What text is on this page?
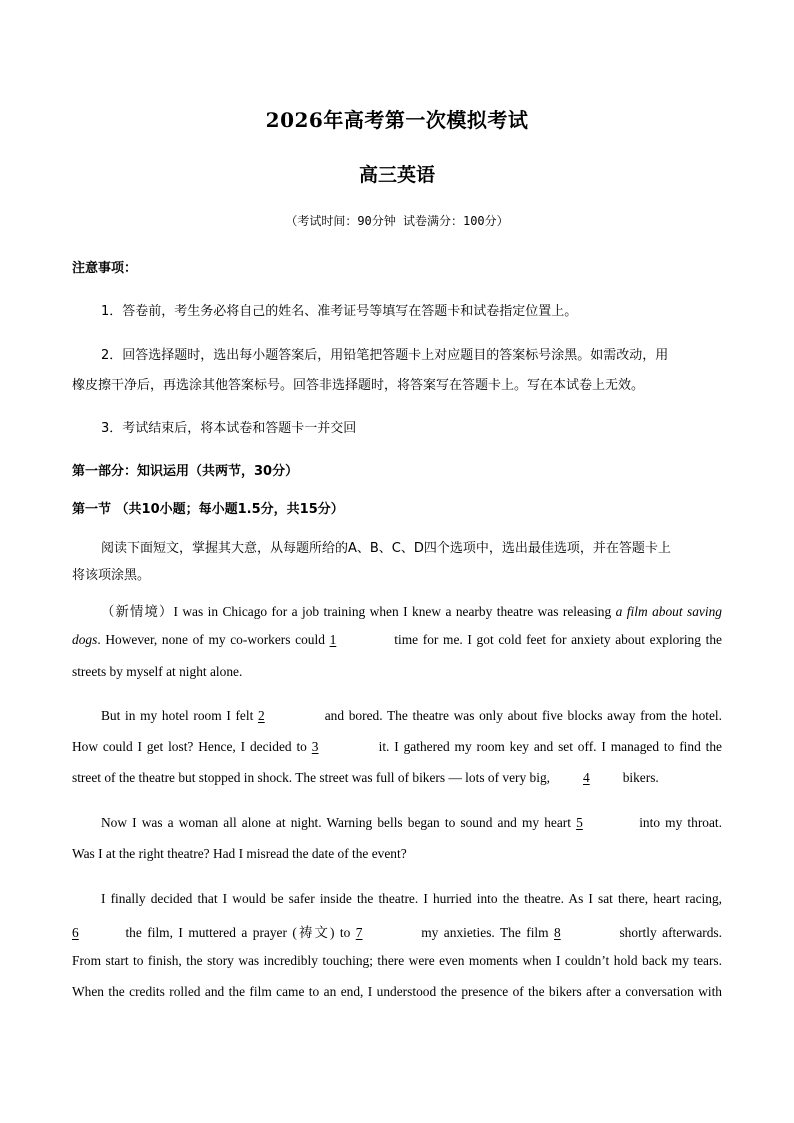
2026年高考第一次模拟考试
高三英语
（考试时间：90分钟 试卷满分：100分）
注意事项：
1．答卷前，考生务必将自己的姓名、准考证号等填写在答题卡和试卷指定位置上。
2．回答选择题时，选出每小题答案后，用铅笔把答题卡上对应题目的答案标号涂黑。如需改动，用
橡皮擦干净后，再选涂其他答案标号。回答非选择题时，将答案写在答题卡上。写在本试卷上无效。
3．考试结束后，将本试卷和答题卡一并交回
第一部分：知识运用（共两节，30分）
第一节 （共10小题；每小题1.5分，共15分）
阅读下面短文，掌握其大意，从每题所给的A、B、C、D四个选项中，选出最佳选项，并在答题卡上
将该项涂黑。
（新情境）I was in Chicago for a job training when I knew a nearby theatre was releasing a film about saving
dogs. However, none of my co-workers could 1	time for me. I got cold feet for anxiety about exploring the
streets by myself at night alone.
But in my hotel room I felt 2	and bored. The theatre was only about five blocks away from the hotel.
How could I get lost? Hence, I decided to 3	it. I gathered my room key and set off. I managed to find the
street of the theatre but stopped in shock. The street was full of bikers — lots of very big, 4 bikers.
Now I was a woman all alone at night. Warning bells began to sound and my heart 5	into my throat.
Was I at the right theatre? Had I misread the date of the event?
I finally decided that I would be safer inside the theatre. I hurried into the theatre. As I sat there, heart racing,
6	the film, I muttered a prayer (祷文) to 7	my anxieties. The film 8	shortly afterwards.
From start to finish, the story was incredibly touching; there were even moments when I couldn’t hold back my tears.
When the credits rolled and the film came to an end, I understood the presence of the bikers after a conversation with
